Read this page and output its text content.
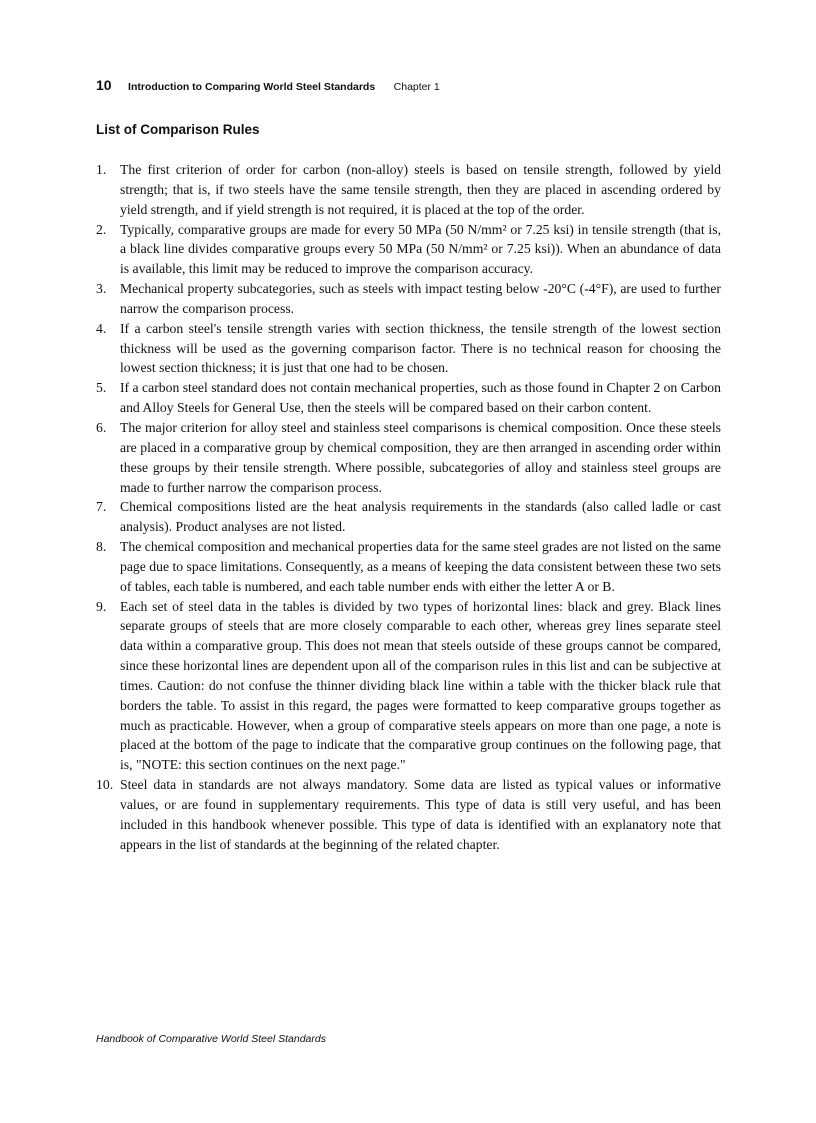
10 Introduction to Comparing World Steel Standards Chapter 1
List of Comparison Rules
1.	The first criterion of order for carbon (non-alloy) steels is based on tensile strength, followed by yield strength; that is, if two steels have the same tensile strength, then they are placed in ascending ordered by yield strength, and if yield strength is not required, it is placed at the top of the order.
2.	Typically, comparative groups are made for every 50 MPa (50 N/mm² or 7.25 ksi) in tensile strength (that is, a black line divides comparative groups every 50 MPa (50 N/mm² or 7.25 ksi)). When an abundance of data is available, this limit may be reduced to improve the comparison accuracy.
3.	Mechanical property subcategories, such as steels with impact testing below -20°C (-4°F), are used to further narrow the comparison process.
4.	If a carbon steel's tensile strength varies with section thickness, the tensile strength of the lowest section thickness will be used as the governing comparison factor. There is no technical reason for choosing the lowest section thickness; it is just that one had to be chosen.
5.	If a carbon steel standard does not contain mechanical properties, such as those found in Chapter 2 on Carbon and Alloy Steels for General Use, then the steels will be compared based on their carbon content.
6.	The major criterion for alloy steel and stainless steel comparisons is chemical composition. Once these steels are placed in a comparative group by chemical composition, they are then arranged in ascending order within these groups by their tensile strength. Where possible, subcategories of alloy and stainless steel groups are made to further narrow the comparison process.
7.	Chemical compositions listed are the heat analysis requirements in the standards (also called ladle or cast analysis). Product analyses are not listed.
8.	The chemical composition and mechanical properties data for the same steel grades are not listed on the same page due to space limitations. Consequently, as a means of keeping the data consistent between these two sets of tables, each table is numbered, and each table number ends with either the letter A or B.
9.	Each set of steel data in the tables is divided by two types of horizontal lines: black and grey. Black lines separate groups of steels that are more closely comparable to each other, whereas grey lines separate steel data within a comparative group. This does not mean that steels outside of these groups cannot be compared, since these horizontal lines are dependent upon all of the comparison rules in this list and can be subjective at times. Caution: do not confuse the thinner dividing black line within a table with the thicker black rule that borders the table. To assist in this regard, the pages were formatted to keep comparative groups together as much as practicable. However, when a group of comparative steels appears on more than one page, a note is placed at the bottom of the page to indicate that the comparative group continues on the following page, that is, "NOTE: this section continues on the next page."
10. Steel data in standards are not always mandatory. Some data are listed as typical values or informative values, or are found in supplementary requirements. This type of data is still very useful, and has been included in this handbook whenever possible. This type of data is identified with an explanatory note that appears in the list of standards at the beginning of the related chapter.
Handbook of Comparative World Steel Standards
